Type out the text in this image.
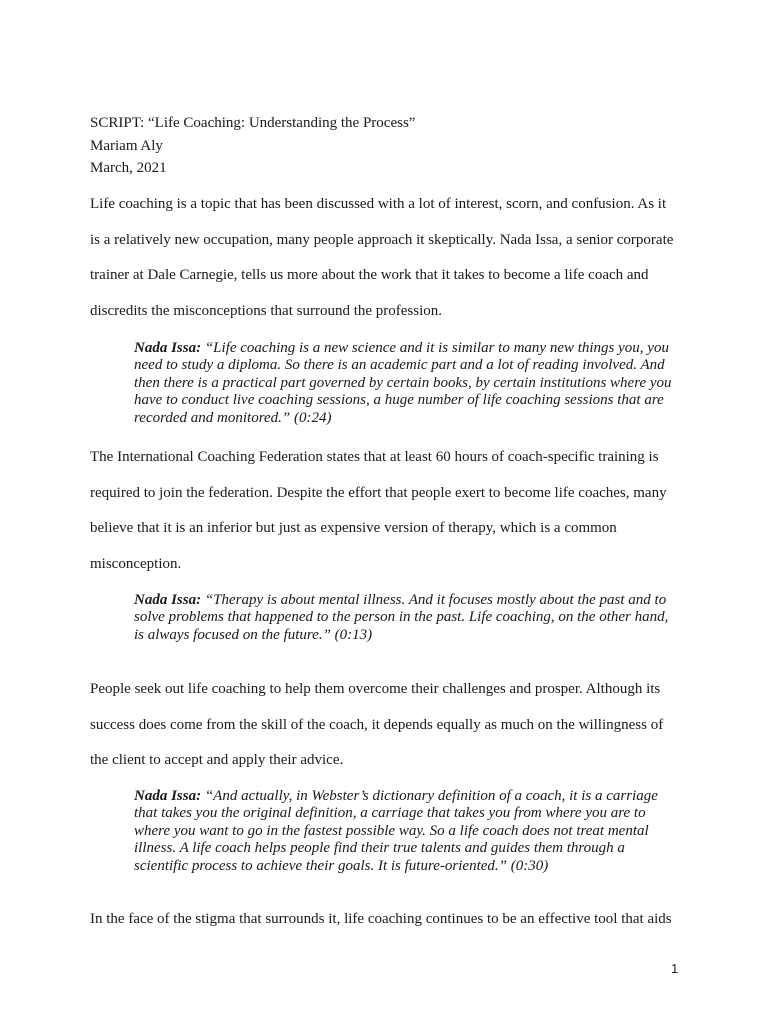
SCRIPT: “Life Coaching: Understanding the Process”
Mariam Aly
March, 2021
Life coaching is a topic that has been discussed with a lot of interest, scorn, and confusion. As it
is a relatively new occupation, many people approach it skeptically. Nada Issa, a senior corporate
trainer at Dale Carnegie, tells us more about the work that it takes to become a life coach and
discredits the misconceptions that surround the profession.
Nada Issa: “Life coaching is a new science and it is similar to many new things you, you
need to study a diploma. So there is an academic part and a lot of reading involved. And
then there is a practical part governed by certain books, by certain institutions where you
have to conduct live coaching sessions, a huge number of life coaching sessions that are
recorded and monitored.” (0:24)
The International Coaching Federation states that at least 60 hours of coach-specific training is
required to join the federation. Despite the effort that people exert to become life coaches, many
believe that it is an inferior but just as expensive version of therapy, which is a common
misconception.
Nada Issa: “Therapy is about mental illness. And it focuses mostly about the past and to
solve problems that happened to the person in the past. Life coaching, on the other hand,
is always focused on the future.” (0:13)
People seek out life coaching to help them overcome their challenges and prosper. Although its
success does come from the skill of the coach, it depends equally as much on the willingness of
the client to accept and apply their advice.
Nada Issa: “And actually, in Webster’s dictionary definition of a coach, it is a carriage
that takes you the original definition, a carriage that takes you from where you are to
where you want to go in the fastest possible way. So a life coach does not treat mental
illness. A life coach helps people find their true talents and guides them through a
scientific process to achieve their goals. It is future-oriented.” (0:30)
In the face of the stigma that surrounds it, life coaching continues to be an effective tool that aids
1
